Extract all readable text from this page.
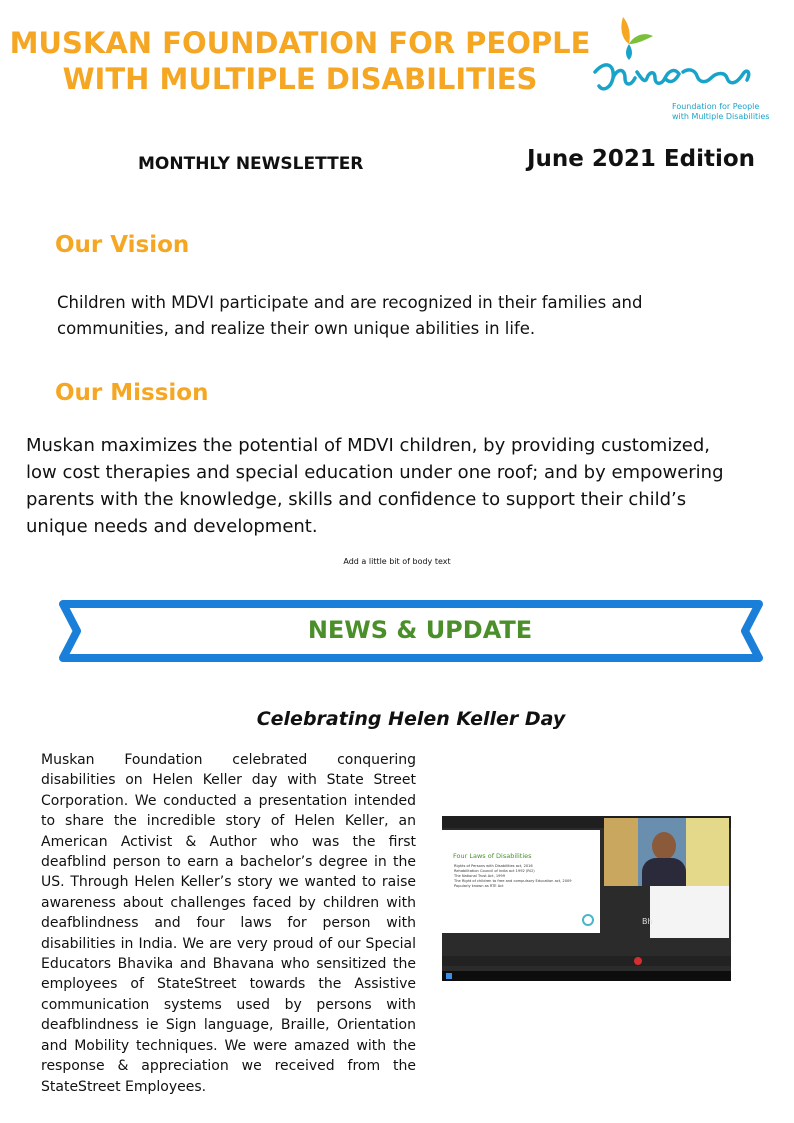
MUSKAN FOUNDATION FOR PEOPLE
WITH MULTIPLE DISABILITIES
Foundation for People
with Multiple Disabilities
MONTHLY NEWSLETTER	June 2021 Edition
Our Vision
Children with MDVI participate and are recognized in their families and communities, and realize their own unique abilities in life.
Our Mission
Muskan maximizes the potential of MDVI children, by providing customized, low cost therapies and special education under one roof; and by empowering parents with the knowledge, skills and confidence to support their child’s unique needs and development.
Add a little bit of body text
NEWS & UPDATE
Celebrating Helen Keller Day
Muskan Foundation celebrated conquering disabilities on Helen Keller day with State Street Corporation. We conducted a presentation intended to share the incredible story of Helen Keller, an American Activist & Author who was the first deafblind person to earn a bachelor’s degree in the US. Through Helen Keller’s story we wanted to raise awareness about challenges faced by children with deafblindness and four laws for person with disabilities in India. We are very proud of our Special Educators Bhavika and Bhavana who sensitized the employees of StateStreet towards the Assistive communication systems used by persons with deafblindness ie Sign language, Braille, Orientation and Mobility techniques. We were amazed with the response & appreciation we received from the StateStreet Employees.
Four Laws of Disabilities
Rights of Persons with Disabilities act, 2016
Rehabilitation Council of India act 1992 (RCI)
The National Trust Act, 1999
The Right of children to free and compulsory Education act, 2009 Popularly known as RTE Act
Bh
